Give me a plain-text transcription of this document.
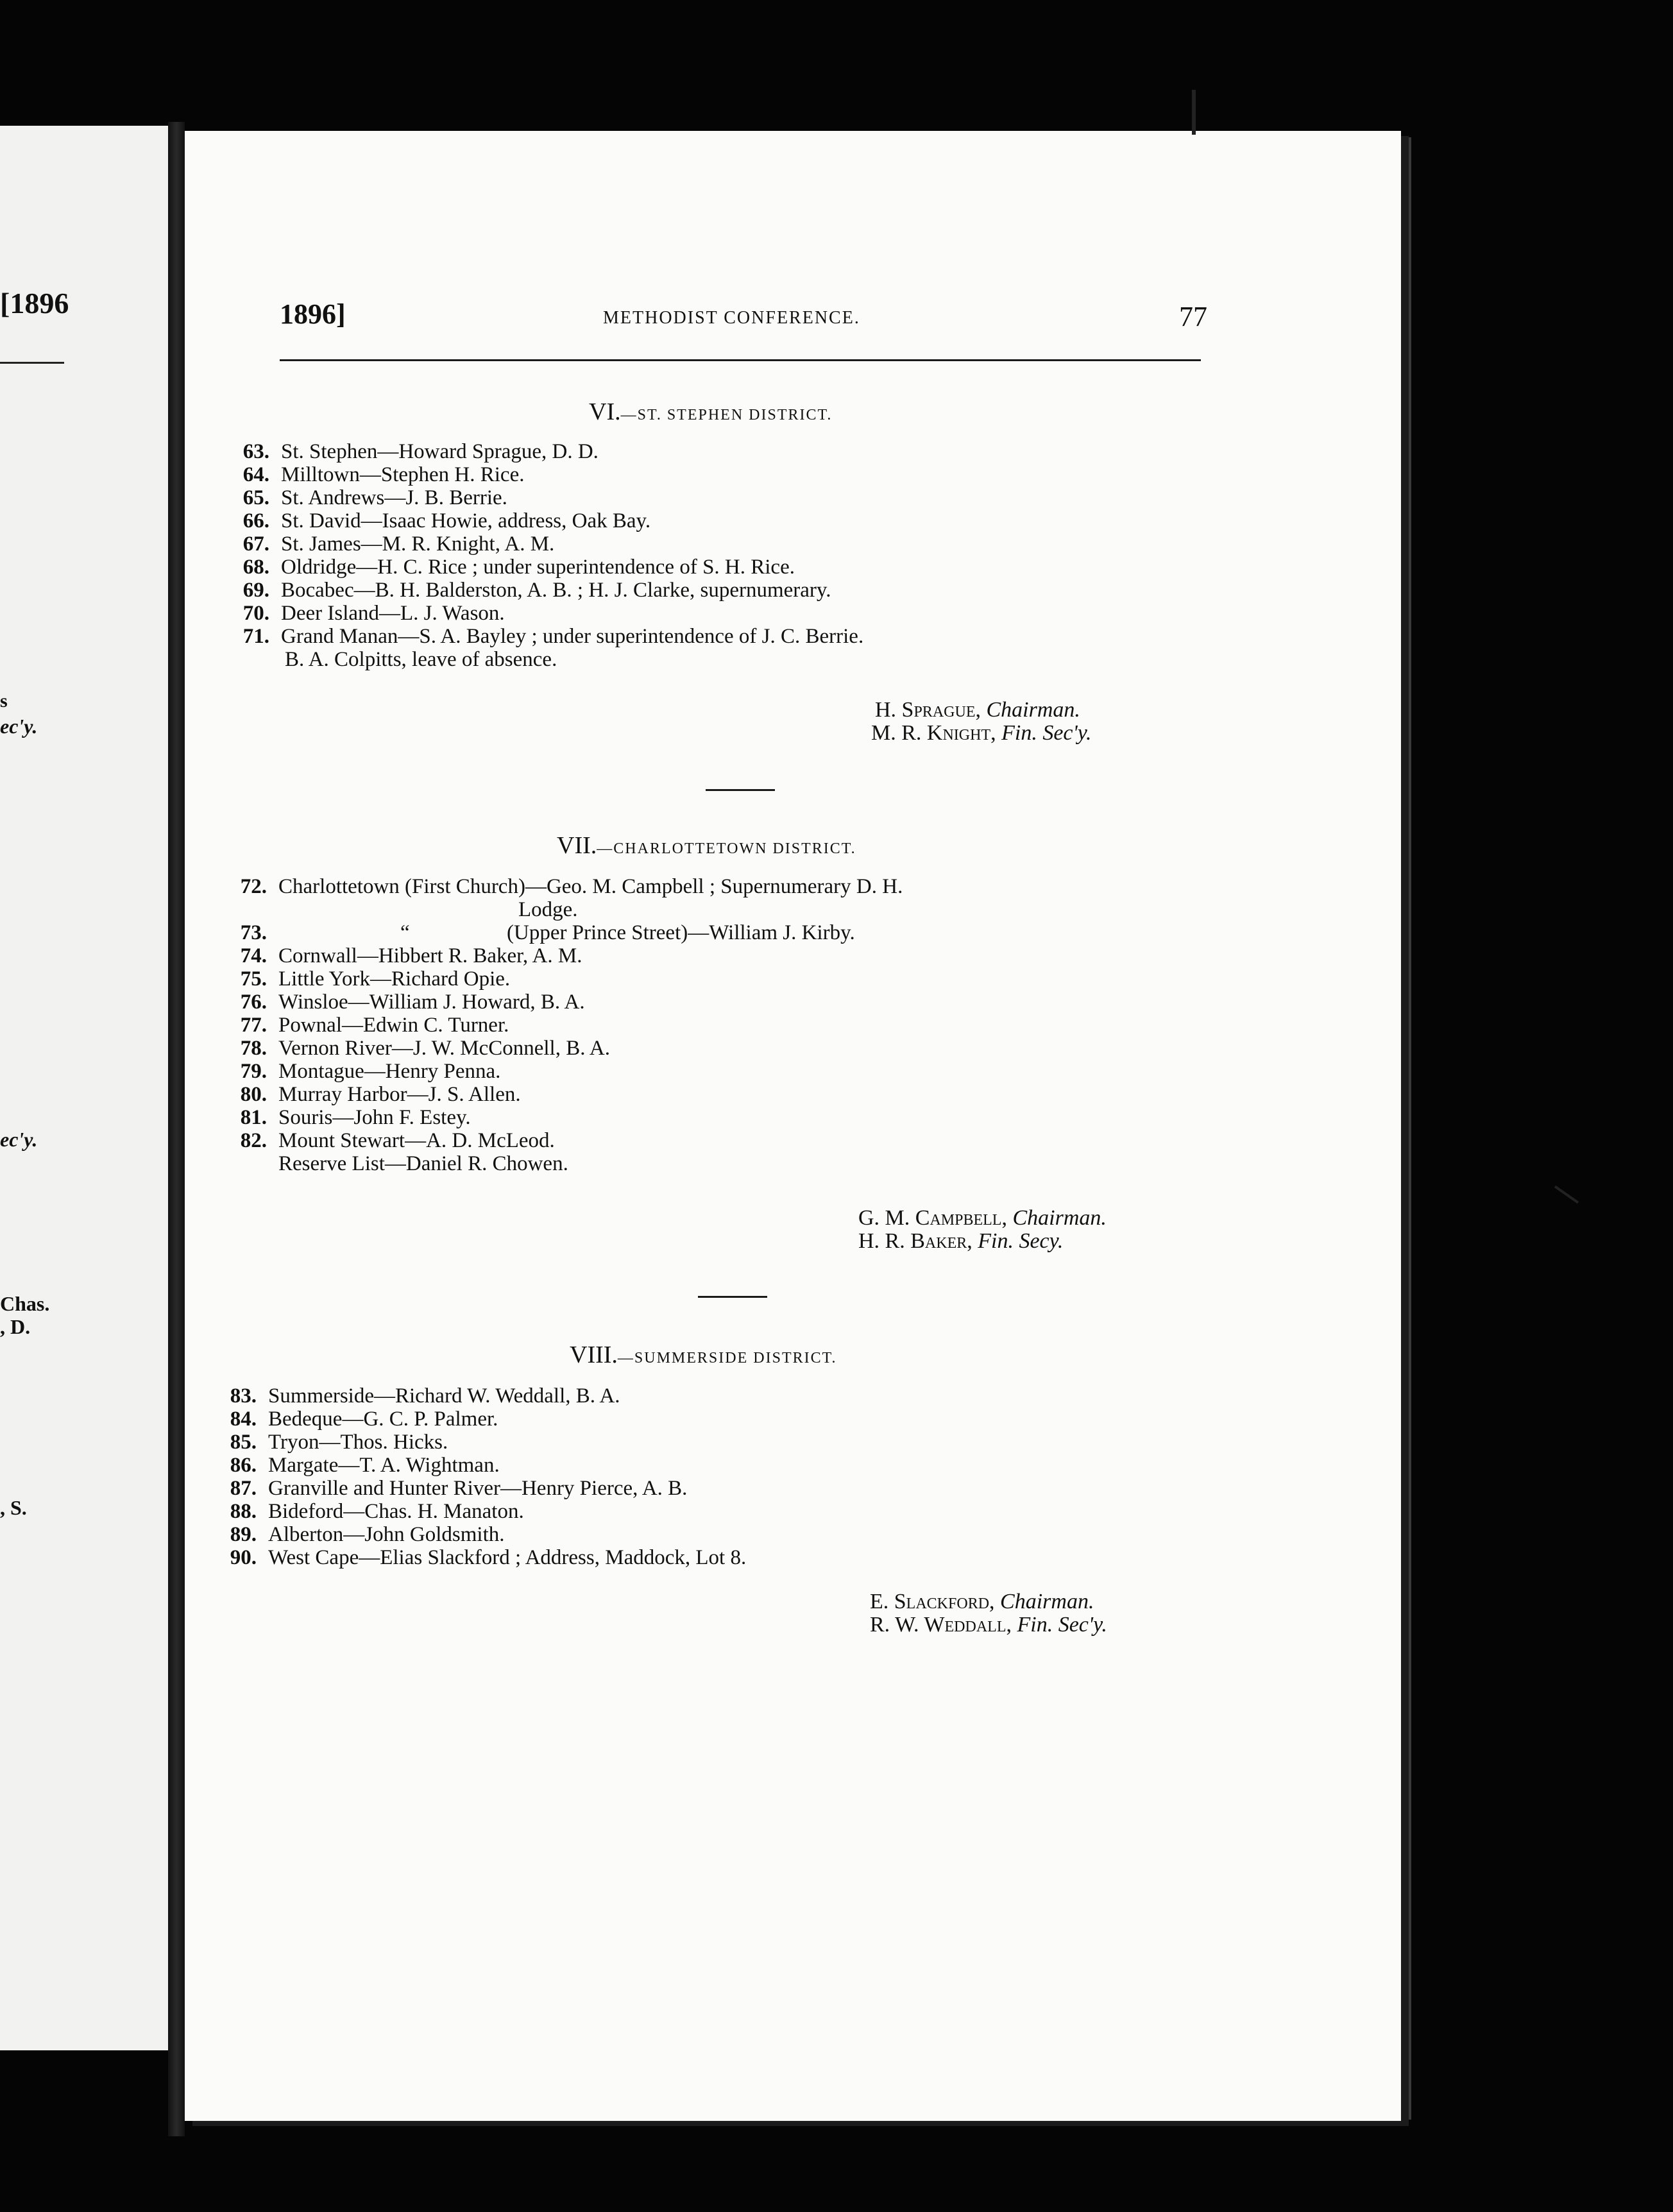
[1896
s
ec'y.
ec'y.
Chas.
, D.
, S.
1896]	METHODIST CONFERENCE.	77
VI.—ST. STEPHEN DISTRICT.
63. St. Stephen—Howard Sprague, D. D.
64. Milltown—Stephen H. Rice.
65. St. Andrews—J. B. Berrie.
66. St. David—Isaac Howie, address, Oak Bay.
67. St. James—M. R. Knight, A. M.
68. Oldridge—H. C. Rice ; under superintendence of S. H. Rice.
69. Bocabec—B. H. Balderston, A. B. ; H. J. Clarke, supernumerary.
70. Deer Island—L. J. Wason.
71. Grand Manan—S. A. Bayley ; under superintendence of J. C. Berrie.
B. A. Colpitts, leave of absence.
H. Sprague, Chairman.
M. R. Knight, Fin. Sec'y.
VII.—CHARLOTTETOWN DISTRICT.
72. Charlottetown (First Church)—Geo. M. Campbell ; Supernumerary D. H.
Lodge.
73.	“	(Upper Prince Street)—William J. Kirby.
74. Cornwall—Hibbert R. Baker, A. M.
75. Little York—Richard Opie.
76. Winsloe—William J. Howard, B. A.
77. Pownal—Edwin C. Turner.
78. Vernon River—J. W. McConnell, B. A.
79. Montague—Henry Penna.
80. Murray Harbor—J. S. Allen.
81. Souris—John F. Estey.
82. Mount Stewart—A. D. McLeod.
Reserve List—Daniel R. Chowen.
G. M. Campbell, Chairman.
H. R. Baker, Fin. Secy.
VIII.—SUMMERSIDE DISTRICT.
83. Summerside—Richard W. Weddall, B. A.
84. Bedeque—G. C. P. Palmer.
85. Tryon—Thos. Hicks.
86. Margate—T. A. Wightman.
87. Granville and Hunter River—Henry Pierce, A. B.
88. Bideford—Chas. H. Manaton.
89. Alberton—John Goldsmith.
90. West Cape—Elias Slackford ; Address, Maddock, Lot 8.
E. Slackford, Chairman.
R. W. Weddall, Fin. Sec'y.
